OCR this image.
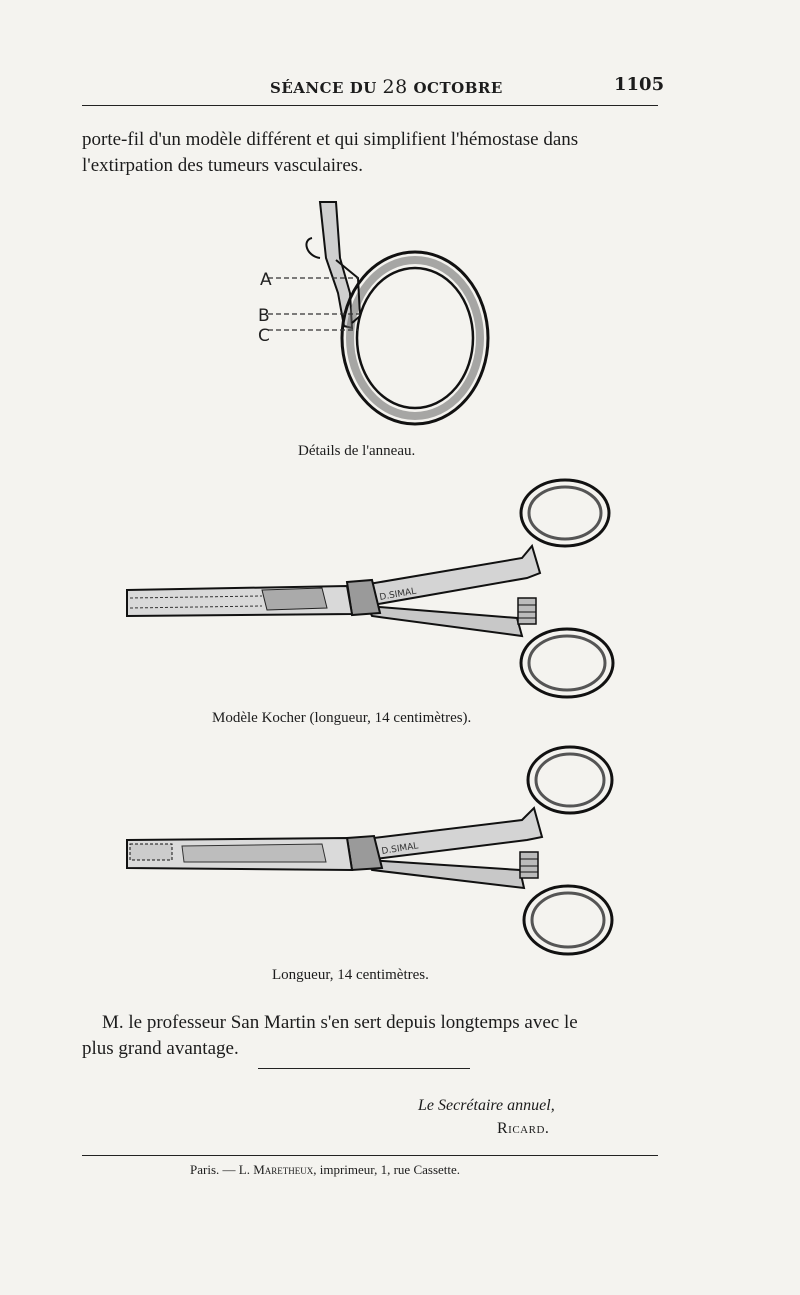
SÉANCE DU 28 OCTOBRE	1105
porte-fil d'un modèle différent et qui simplifient l'hémostase dans
l'extirpation des tumeurs vasculaires.
A
B
C
Détails de l'anneau.
D.SIMAL
Modèle Kocher (longueur, 14 centimètres).
D.SIMAL
Longueur, 14 centimètres.
M. le professeur San Martin s'en sert depuis longtemps avec le
plus grand avantage.
Le Secrétaire annuel,
Ricard.
Paris. — L. Maretheux, imprimeur, 1, rue Cassette.
